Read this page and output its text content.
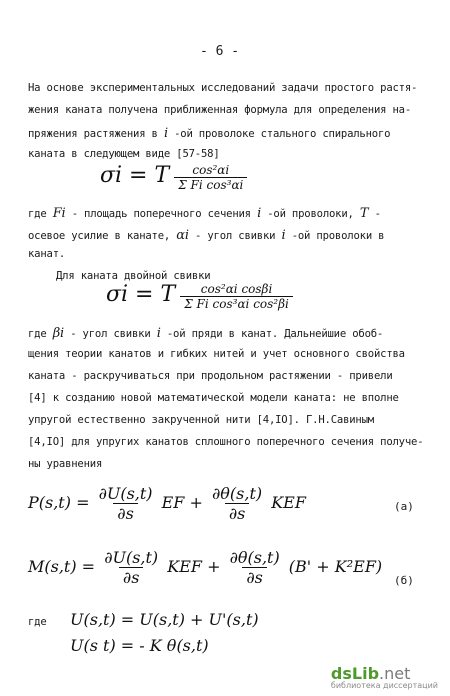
- 6 -
На основе экспериментальных исследований задачи простого растя-
жения каната получена приближенная формула для определения на-
пряжения растяжения в i -ой проволоке стального спирального
каната в следующем виде [57-58]
σi = T $\frac{\text{cos²αi}}{\text{Σ Fi cos³αi}}$
где Fi - площадь поперечного сечения i -ой проволоки, T -
осевое усилие в канате, αi - угол свивки i -ой проволоки в
канат.
Для каната двойной свивки
σi = T $\frac{\text{cos²αi cosβi}}{\text{Σ Fi cos³αi cos²βi}}$
где βi - угол свивки i -ой пряди в канат. Дальнейшие обоб-
щения теории канатов и гибких нитей и учет основного свойства
каната - раскручиваться при продольном растяжении - привели
[4] к созданию новой математической модели каната: не вполне
упругой естественно закрученной нити [4,IO]. Г.Н.Савиным
[4,IO] для упругих канатов сплошного поперечного сечения получе-
ны уравнения
$P(s,t) = \frac{\partial U(s,t)}{\partial s}$ EF + $\frac{\partial\theta(s,t)}{\partial s}$ KEF	(a)
$M(s,t) = \frac{\partial U(s,t)}{\partial s}$ KEF + $\frac{\partial\theta(s,t)}{\partial s} (B' + K^2EF)$
(б)
где U(s,t) = U(s,t) + U'(s,t)
U(s t) = - K θ(s,t)
dsLib.net
библиотека диссертаций
